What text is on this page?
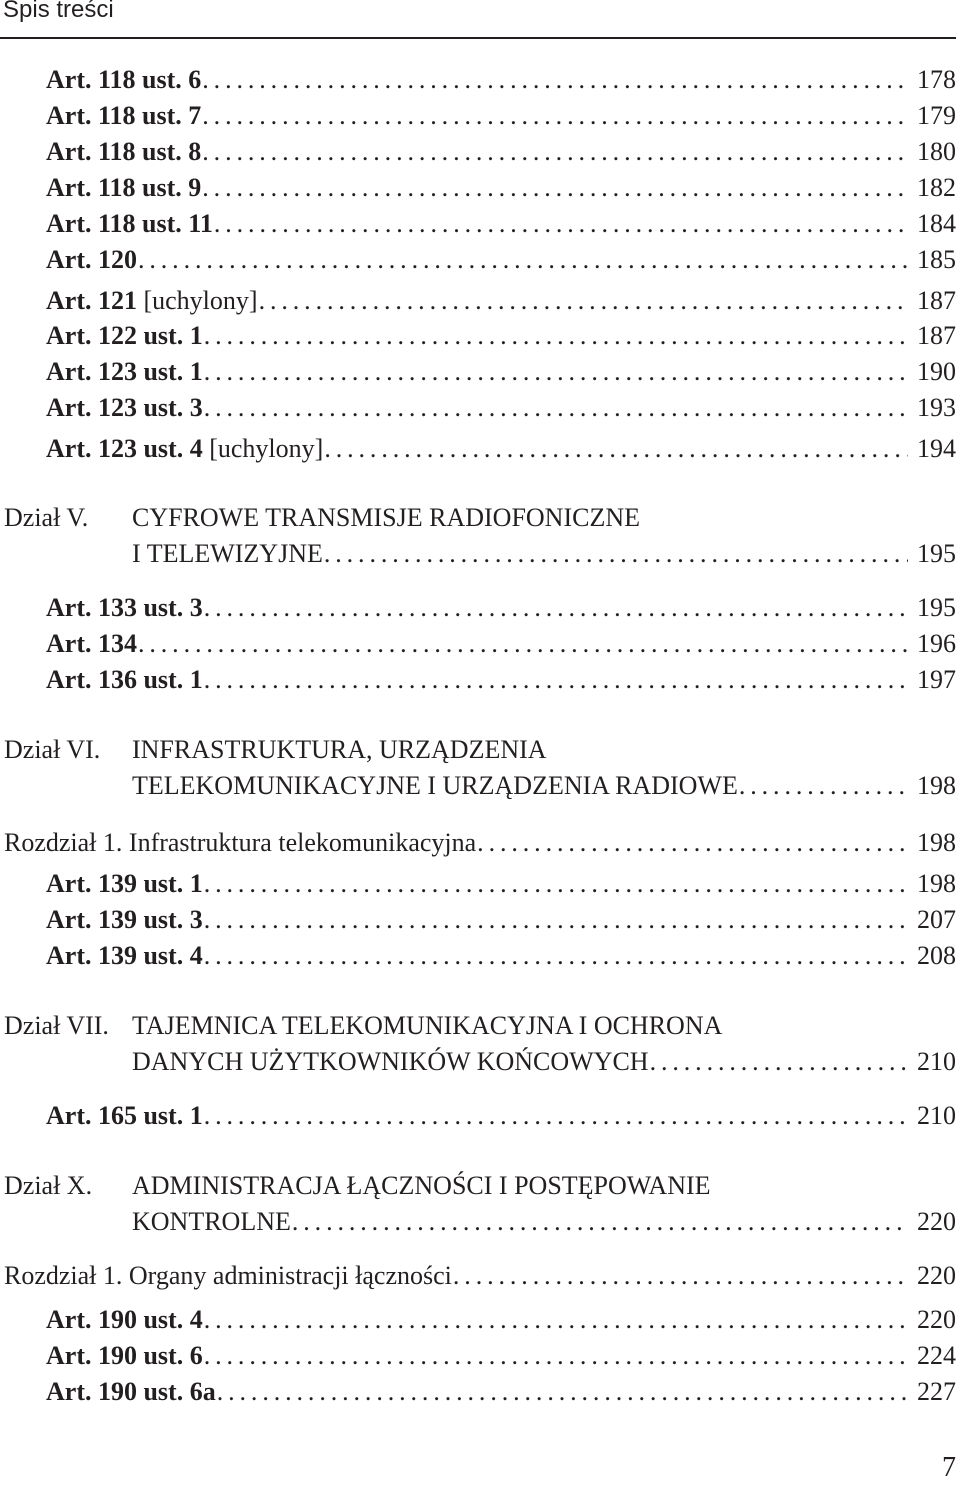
Spis treści
Art. 118 ust. 6 . . .	178
Art. 118 ust. 7 . . .	179
Art. 118 ust. 8 . . .	180
Art. 118 ust. 9 . . .	182
Art. 118 ust. 11 . . .	184
Art. 120 . . .	185
Art. 121 [uchylony] . . .	187
Art. 122 ust. 1 . . .	187
Art. 123 ust. 1 . . .	190
Art. 123 ust. 3 . . .	193
Art. 123 ust. 4 [uchylony] . . .	194
Dział V. CYFROWE TRANSMISJE RADIOFONICZNE
I TELEWIZYJNE . . .	195
Art. 133 ust. 3 . . .	195
Art. 134 . . .	196
Art. 136 ust. 1 . . .	197
Dział VI. INFRASTRUKTURA, URZĄDZENIA
TELEKOMUNIKACYJNE I URZĄDZENIA RADIOWE . . .	198
Rozdział 1. Infrastruktura telekomunikacyjna . . .	198
Art. 139 ust. 1 . . .	198
Art. 139 ust. 3 . . .	207
Art. 139 ust. 4 . . .	208
Dział VII. TAJEMNICA TELEKOMUNIKACYJNA I OCHRONA
DANYCH UŻYTKOWNIKÓW KOŃCOWYCH . . .	210
Art. 165 ust. 1 . . .	210
Dział X. ADMINISTRACJA ŁĄCZNOŚCI I POSTĘPOWANIE
KONTROLNE . . .	220
Rozdział 1. Organy administracji łączności . . .	220
Art. 190 ust. 4 . . .	220
Art. 190 ust. 6 . . .	224
Art. 190 ust. 6a . . .	227
7
